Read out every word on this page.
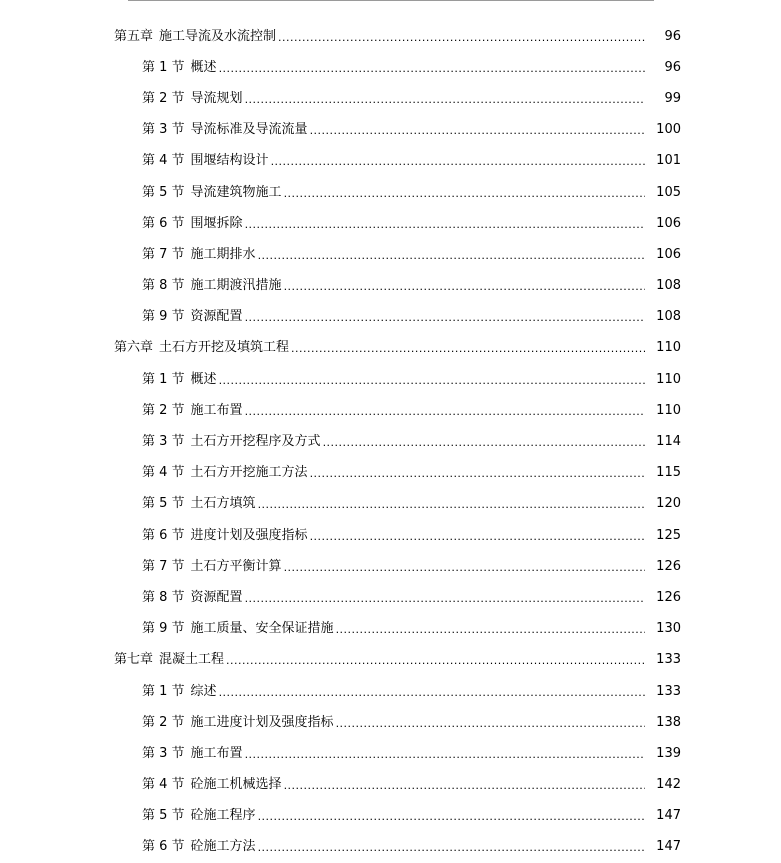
第五章 施工导流及水流控制 .....	96
第 1 节 概述 .....	96
第 2 节 导流规划 .....	99
第 3 节 导流标准及导流流量 .....	100
第 4 节 围堰结构设计 .....	101
第 5 节 导流建筑物施工 .....	105
第 6 节 围堰拆除 .....	106
第 7 节 施工期排水 .....	106
第 8 节 施工期渡汛措施 .....	108
第 9 节 资源配置 .....	108
第六章 土石方开挖及填筑工程 .....	110
第 1 节 概述 .....	110
第 2 节 施工布置 .....	110
第 3 节 土石方开挖程序及方式 .....	114
第 4 节 土石方开挖施工方法 .....	115
第 5 节 土石方填筑 .....	120
第 6 节 进度计划及强度指标 .....	125
第 7 节 土石方平衡计算 .....	126
第 8 节 资源配置 .....	126
第 9 节 施工质量、安全保证措施 .....	130
第七章 混凝土工程 .....	133
第 1 节 综述 .....	133
第 2 节 施工进度计划及强度指标 .....	138
第 3 节 施工布置 .....	139
第 4 节 砼施工机械选择 .....	142
第 5 节 砼施工程序 .....	147
第 6 节 砼施工方法 .....	147
